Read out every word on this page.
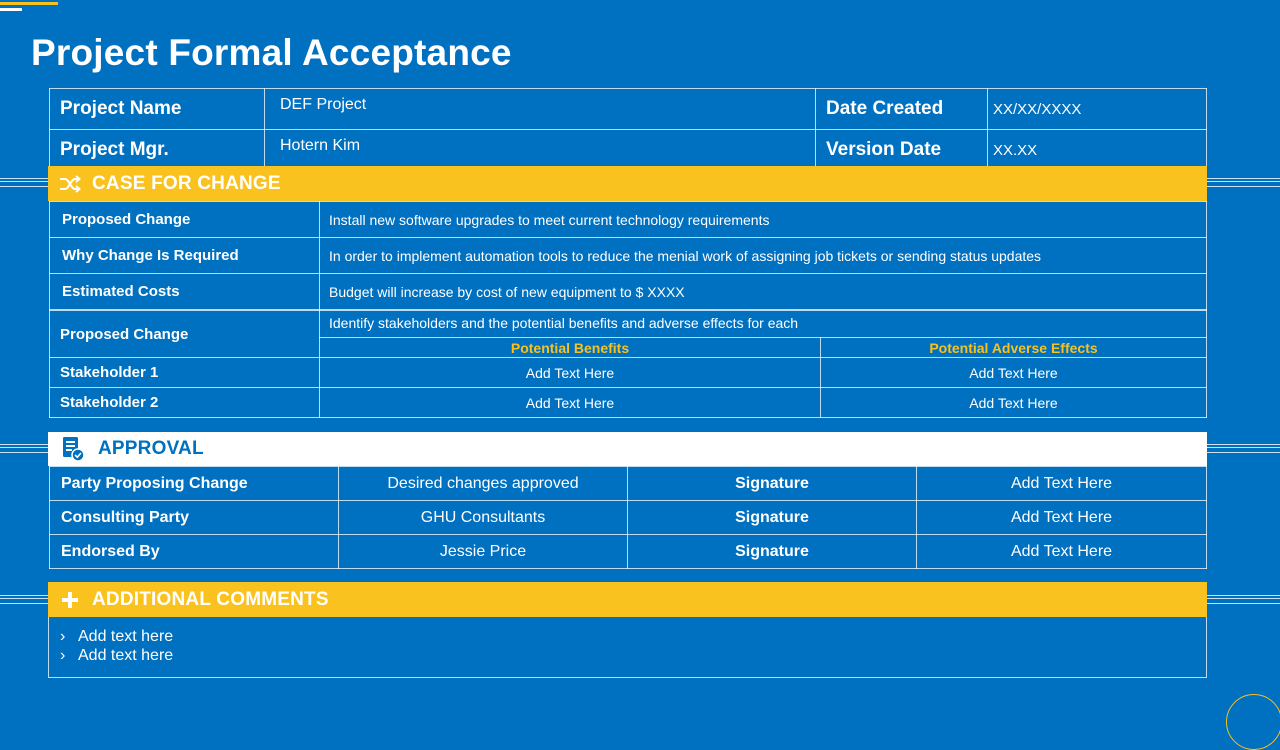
Project Formal Acceptance
Project Name	DEF Project	Date Created	XX/XX/XXXX
Project Mgr.	Hotern Kim	Version Date	XX.XX
CASE FOR CHANGE
Proposed Change	Install new software upgrades to meet current technology requirements
Why Change Is Required	In order to implement automation tools to reduce the menial work of assigning job tickets or sending status updates
Estimated Costs	Budget will increase by cost of new equipment to $ XXXX
Proposed Change	Identify stakeholders and the potential benefits and adverse effects for each	
	Potential Benefits	Potential Adverse Effects
Stakeholder 1	Add Text Here	Add Text Here
Stakeholder 2	Add Text Here	Add Text Here
APPROVAL
Party Proposing Change	Desired changes approved	Signature	Add Text Here
Consulting Party	GHU Consultants	Signature	Add Text Here
Endorsed By	Jessie Price	Signature	Add Text Here
ADDITIONAL COMMENTS
› Add text here
› Add text here
